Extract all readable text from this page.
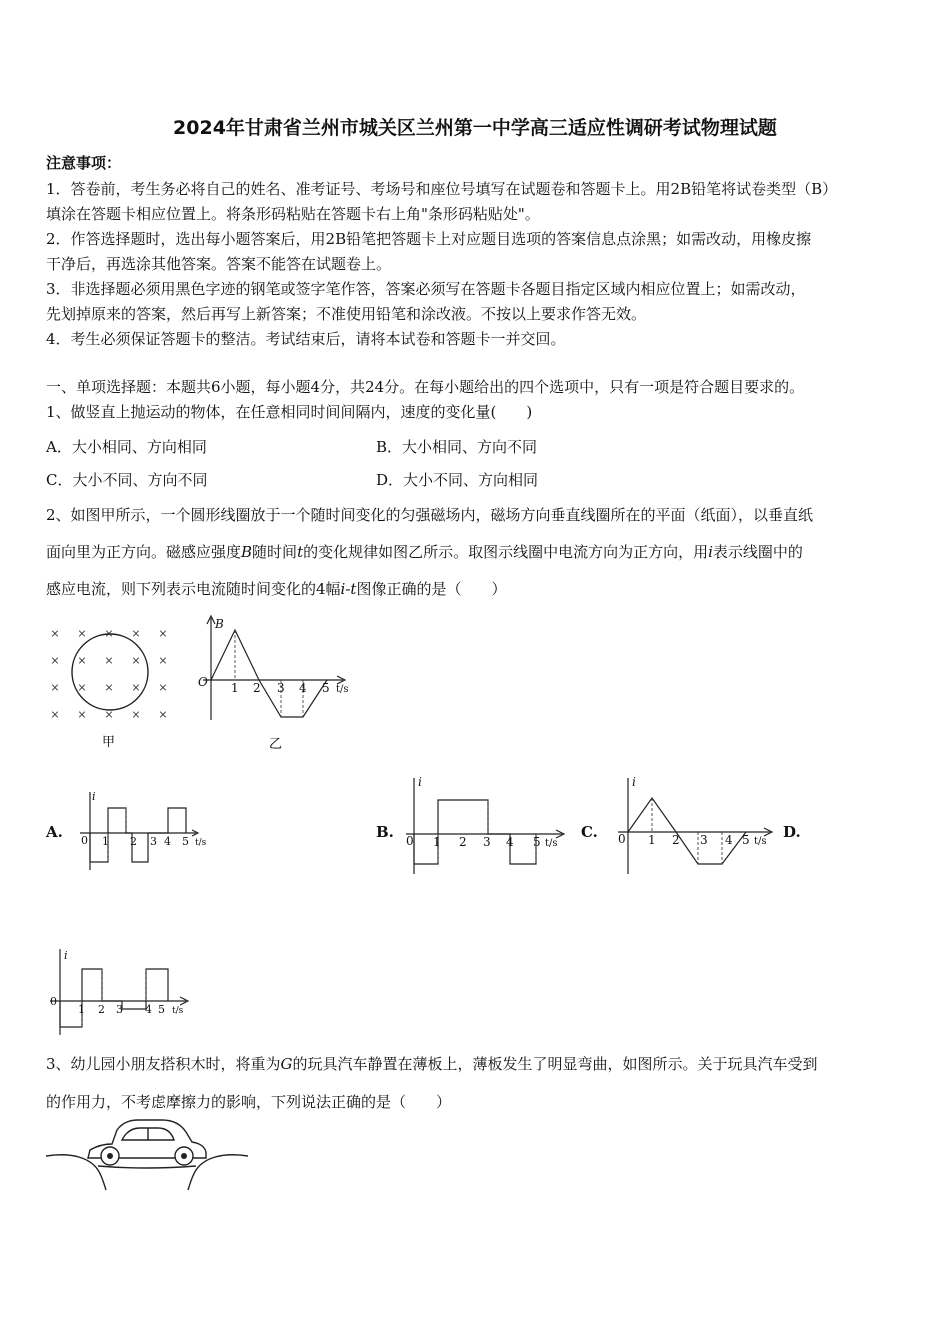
2024年甘肃省兰州市城关区兰州第一中学高三适应性调研考试物理试题
注意事项：
1．答卷前，考生务必将自己的姓名、准考证号、考场号和座位号填写在试题卷和答题卡上。用2B铅笔将试卷类型（B）
填涂在答题卡相应位置上。将条形码粘贴在答题卡右上角"条形码粘贴处"。
2．作答选择题时，选出每小题答案后，用2B铅笔把答题卡上对应题目选项的答案信息点涂黑；如需改动，用橡皮擦
干净后，再选涂其他答案。答案不能答在试题卷上。
3．非选择题必须用黑色字迹的钢笔或签字笔作答，答案必须写在答题卡各题目指定区域内相应位置上；如需改动，
先划掉原来的答案，然后再写上新答案；不准使用铅笔和涂改液。不按以上要求作答无效。
4．考生必须保证答题卡的整洁。考试结束后，请将本试卷和答题卡一并交回。
一、单项选择题：本题共6小题，每小题4分，共24分。在每小题给出的四个选项中，只有一项是符合题目要求的。
1、做竖直上抛运动的物体，在任意相同时间间隔内，速度的变化量(　　)
A．大小相同、方向相同	B．大小相同、方向不同
C．大小不同、方向不同	D．大小不同、方向相同
2、如图甲所示，一个圆形线圈放于一个随时间变化的匀强磁场内，磁场方向垂直线圈所在的平面（纸面），以垂直纸
面向里为正方向。磁感应强度B随时间t的变化规律如图乙所示。取图示线圈中电流方向为正方向，用i表示线圈中的
感应电流，则下列表示电流随时间变化的4幅i-t图像正确的是（　　）
× × × × ×
× × × × ×
× × × × ×
× × × × ×
甲
B
O 1 2 3 4 5 t/s
乙
A.
i
0 1 2 3 4 5 t/s
B.
i
0 1 2 3 4 5 t/s
C.
i
0 1 2 3 4 5 t/s
D.
i
0
1 2 3 4 5 t/s
3、幼儿园小朋友搭积木时，将重为G的玩具汽车静置在薄板上，薄板发生了明显弯曲，如图所示。关于玩具汽车受到
的作用力，不考虑摩擦力的影响，下列说法正确的是（　　）
